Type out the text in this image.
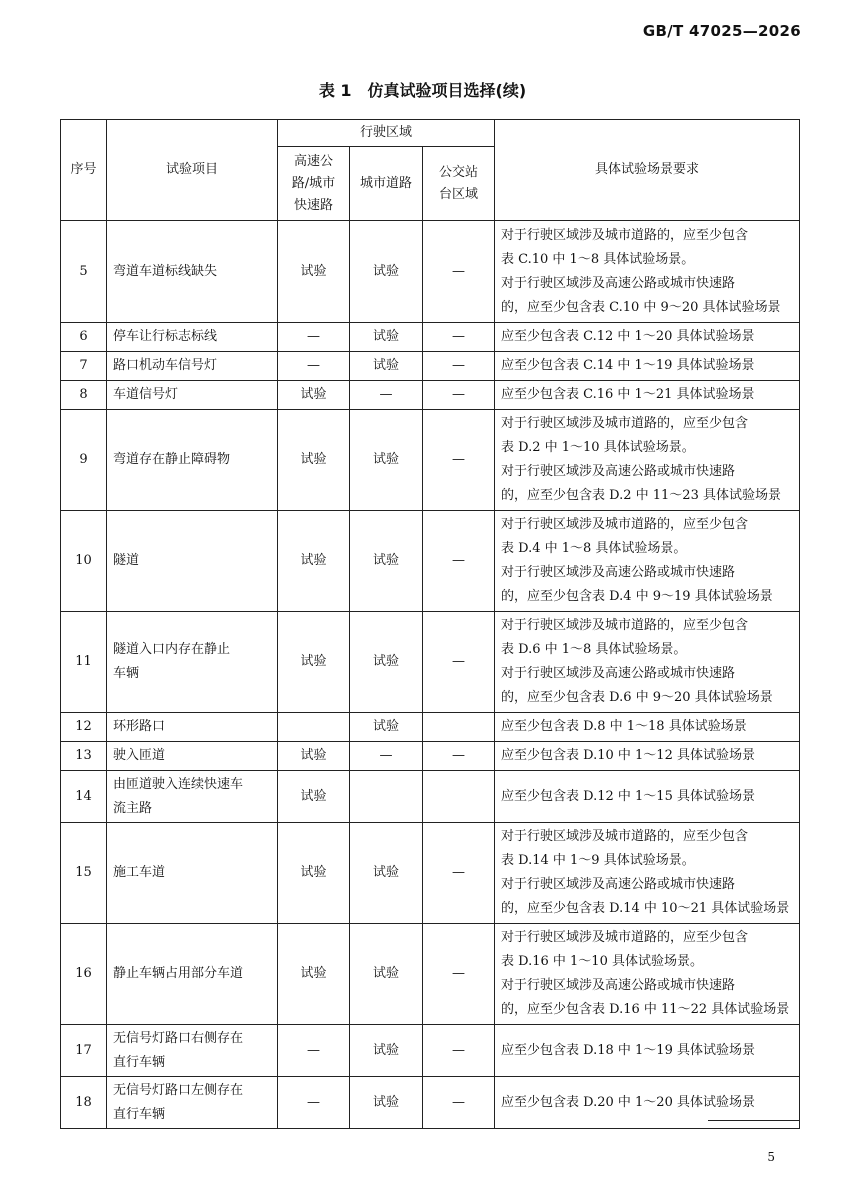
GB/T 47025—2026
表 1　仿真试验项目选择(续)
序号	试验项目	行驶区域			具体试验场景要求

		高速公
路/城市
快速路	城市道路	公交站
台区域	

5	弯道车道标线缺失	试验	试验	—	对于行驶区域涉及城市道路的，应至少包含
表 C.10 中 1～8 具体试验场景。
对于行驶区域涉及高速公路或城市快速路
的，应至少包含表 C.10 中 9～20 具体试验场景

6	停车让行标志标线	—	试验	—	应至少包含表 C.12 中 1～20 具体试验场景

7	路口机动车信号灯	—	试验	—	应至少包含表 C.14 中 1～19 具体试验场景

8	车道信号灯	试验	—	—	应至少包含表 C.16 中 1～21 具体试验场景

9	弯道存在静止障碍物	试验	试验	—	对于行驶区域涉及城市道路的，应至少包含
表 D.2 中 1～10 具体试验场景。
对于行驶区域涉及高速公路或城市快速路
的，应至少包含表 D.2 中 11～23 具体试验场景

10	隧道	试验	试验	—	对于行驶区域涉及城市道路的，应至少包含
表 D.4 中 1～8 具体试验场景。
对于行驶区域涉及高速公路或城市快速路
的，应至少包含表 D.4 中 9～19 具体试验场景

11	隧道入口内存在静止
车辆	试验	试验	—	对于行驶区域涉及城市道路的，应至少包含
表 D.6 中 1～8 具体试验场景。
对于行驶区域涉及高速公路或城市快速路
的，应至少包含表 D.6 中 9～20 具体试验场景

12	环形路口		试验		应至少包含表 D.8 中 1～18 具体试验场景

13	驶入匝道	试验	—	—	应至少包含表 D.10 中 1～12 具体试验场景

14	由匝道驶入连续快速车
流主路	试验			应至少包含表 D.12 中 1～15 具体试验场景

15	施工车道	试验	试验	—	对于行驶区域涉及城市道路的，应至少包含
表 D.14 中 1～9 具体试验场景。
对于行驶区域涉及高速公路或城市快速路
的，应至少包含表 D.14 中 10～21 具体试验场景

16	静止车辆占用部分车道	试验	试验	—	对于行驶区域涉及城市道路的，应至少包含
表 D.16 中 1～10 具体试验场景。
对于行驶区域涉及高速公路或城市快速路
的，应至少包含表 D.16 中 11～22 具体试验场景

17	无信号灯路口右侧存在
直行车辆	—	试验	—	应至少包含表 D.18 中 1～19 具体试验场景

18	无信号灯路口左侧存在
直行车辆	—	试验	—	应至少包含表 D.20 中 1～20 具体试验场景
5
